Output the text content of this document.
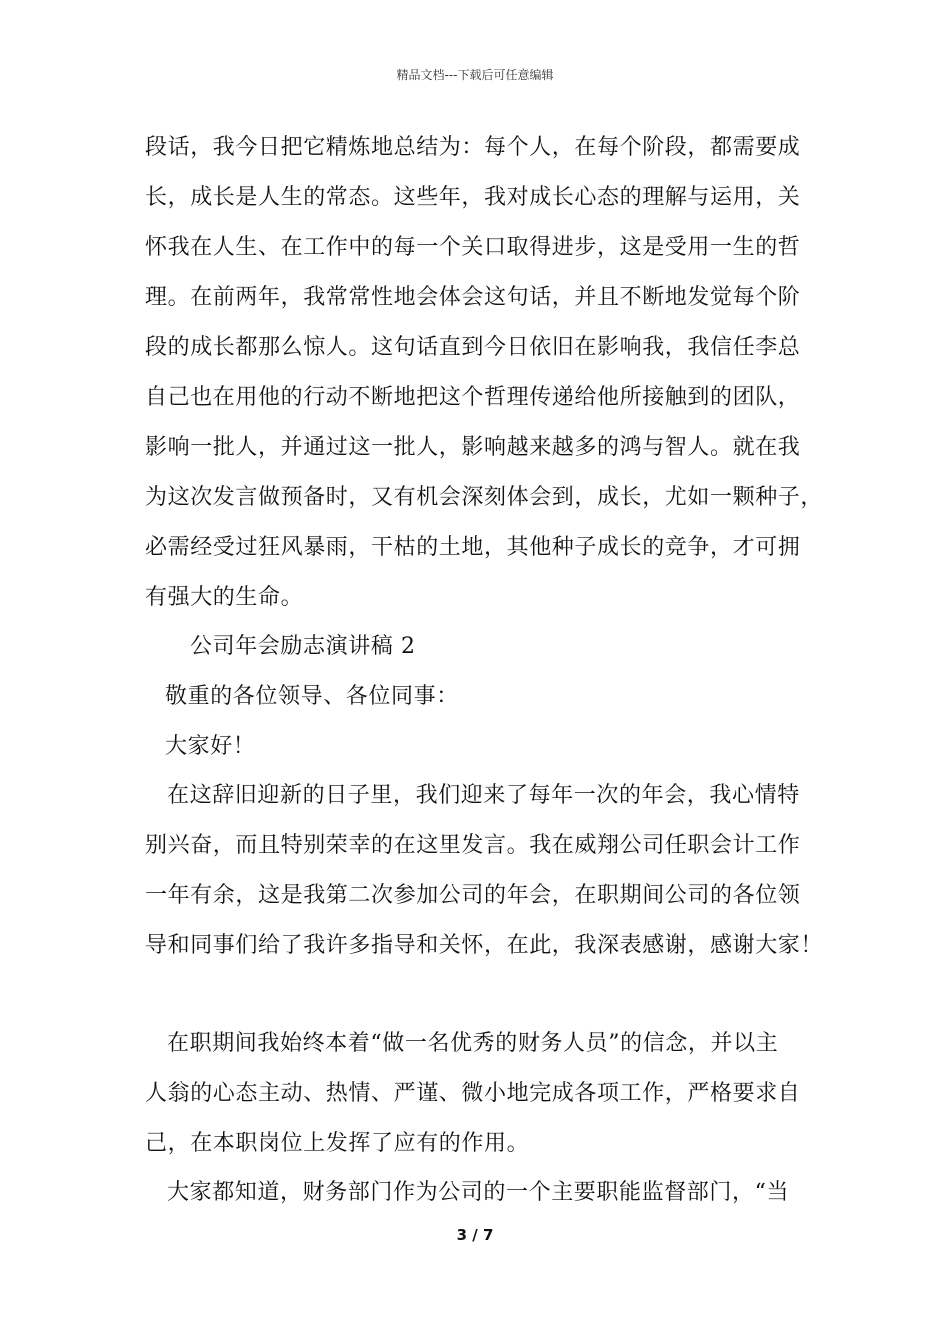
精品文档---下载后可任意编辑
段话，我今日把它精炼地总结为：每个人，在每个阶段，都需要成
长，成长是人生的常态。这些年，我对成长心态的理解与运用，关
怀我在人生、在工作中的每一个关口取得进步，这是受用一生的哲
理。在前两年，我常常性地会体会这句话，并且不断地发觉每个阶
段的成长都那么惊人。这句话直到今日依旧在影响我，我信任李总
自己也在用他的行动不断地把这个哲理传递给他所接触到的团队，
影响一批人，并通过这一批人，影响越来越多的鸿与智人。就在我
为这次发言做预备时，又有机会深刻体会到，成长，尤如一颗种子，
必需经受过狂风暴雨，干枯的土地，其他种子成长的竞争，才可拥
有强大的生命。
公司年会励志演讲稿 2
敬重的各位领导、各位同事：
大家好！
在这辞旧迎新的日子里，我们迎来了每年一次的年会，我心情特
别兴奋，而且特别荣幸的在这里发言。我在威翔公司任职会计工作
一年有余，这是我第二次参加公司的年会，在职期间公司的各位领
导和同事们给了我许多指导和关怀，在此，我深表感谢，感谢大家！
在职期间我始终本着“做一名优秀的财务人员”的信念，并以主
人翁的心态主动、热情、严谨、微小地完成各项工作，严格要求自
己，在本职岗位上发挥了应有的作用。
大家都知道，财务部门作为公司的一个主要职能监督部门，“当
3 / 7
